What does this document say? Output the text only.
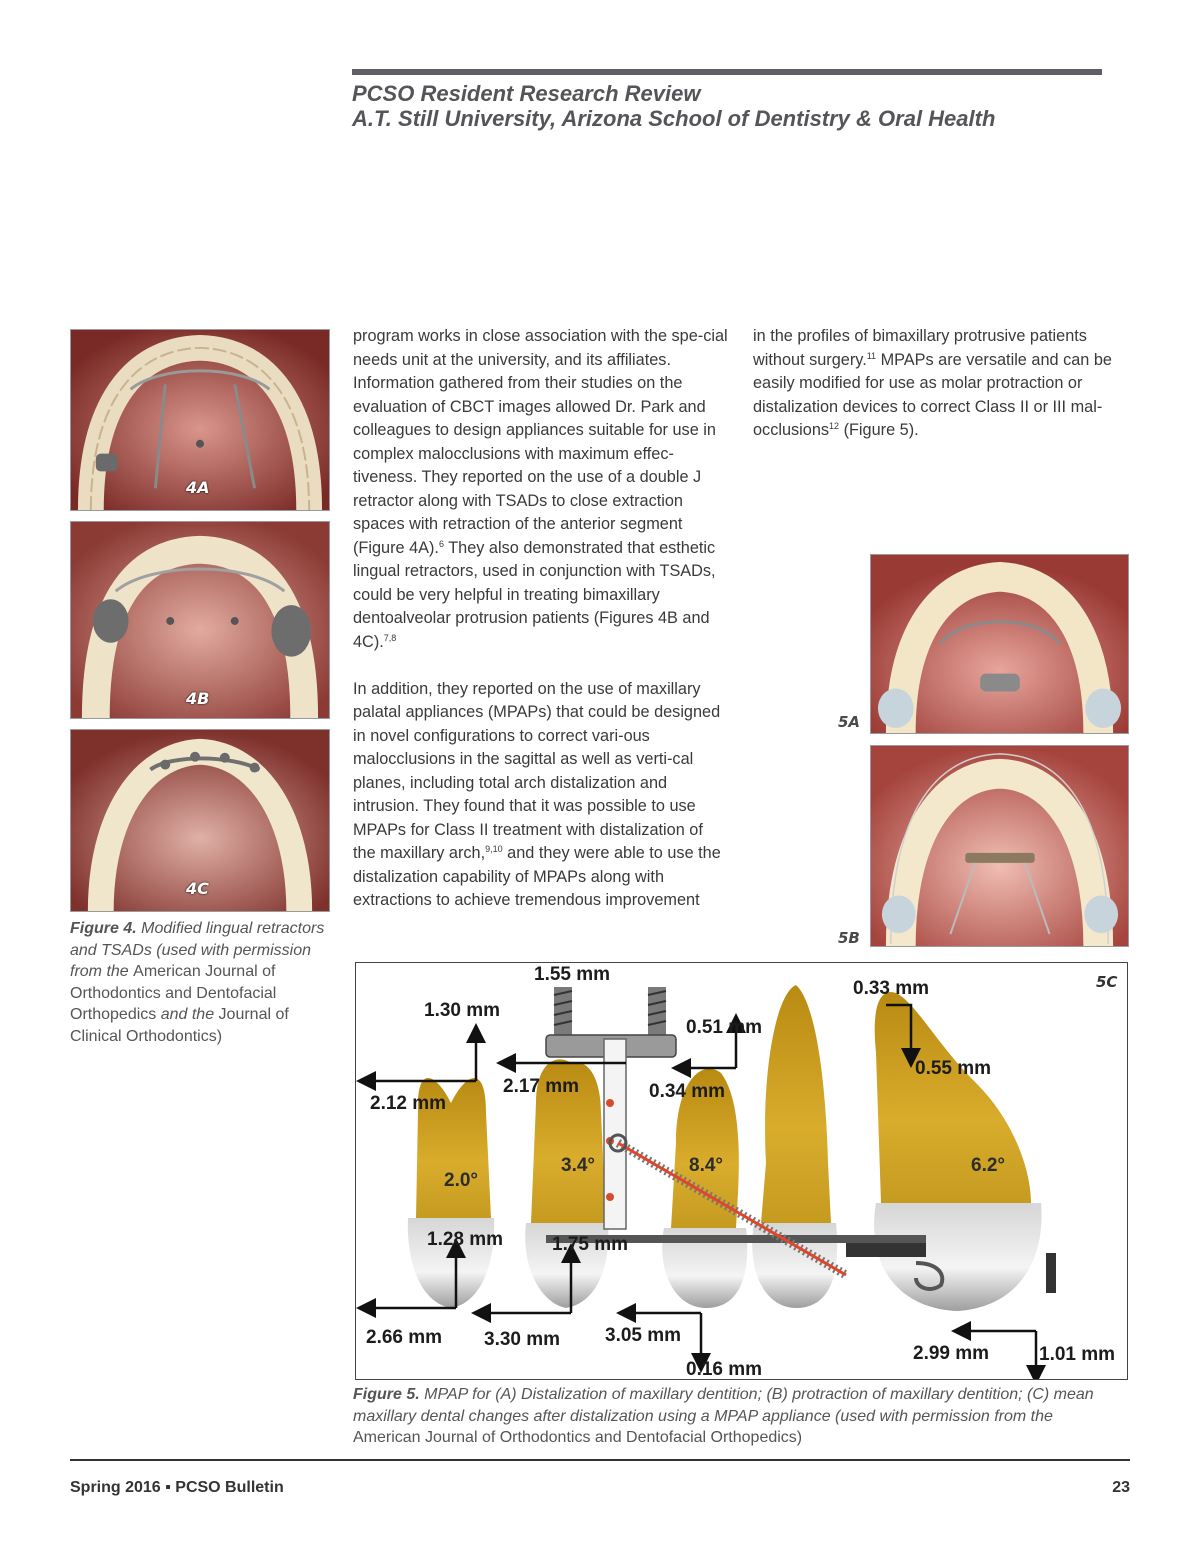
PCSO Resident Research Review
A.T. Still University, Arizona School of Dentistry & Oral Health
4A
4B
4C
Figure 4. Modified lingual retractors and TSADs (used with permission from the American Journal of Orthodontics and Dentofacial Orthopedics and the Journal of Clinical Orthodontics)

program works in close association with the spe-cial needs unit at the university, and its affiliates. Information gathered from their studies on the evaluation of CBCT images allowed Dr. Park and colleagues to design appliances suitable for use in complex malocclusions with maximum effec-tiveness. They reported on the use of a double J retractor along with TSADs to close extraction spaces with retraction of the anterior segment (Figure 4A).$^6$ They also demonstrated that esthetic lingual retractors, used in conjunction with TSADs, could be very helpful in treating bimaxillary dentoalveolar protrusion patients (Figures 4B and 4C).$^{7,8}$

In addition, they reported on the use of maxillary palatal appliances (MPAPs) that could be designed in novel configurations to correct vari-ous malocclusions in the sagittal as well as verti-cal planes, including total arch distalization and intrusion. They found that it was possible to use MPAPs for Class II treatment with distalization of the maxillary arch,$^{9,10}$ and they were able to use the distalization capability of MPAPs along with extractions to achieve tremendous improvement

in the profiles of bimaxillary protrusive patients without surgery.$^{11}$ MPAPs are versatile and can be easily modified for use as molar protraction or distalization devices to correct Class II or III mal-occlusions$^{12}$ (Figure 5).

5A
5B
5C
1.55 mm
1.30 mm
0.51 mm
0.33 mm
0.55 mm
2.17 mm	0.34 mm
2.12 mm
2.0°
3.4°	8.4°	6.2°
1.28 mm	1.75 mm
2.66 mm 3.30 mm 3.05 mm
0.16 mm
2.99 mm	1.01 mm
Figure 5. MPAP for (A) Distalization of maxillary dentition; (B) protraction of maxillary dentition; (C) mean maxillary dental changes after distalization using a MPAP appliance (used with permission from the American Journal of Orthodontics and Dentofacial Orthopedics)
Spring 2016 ▪ PCSO Bulletin	23
